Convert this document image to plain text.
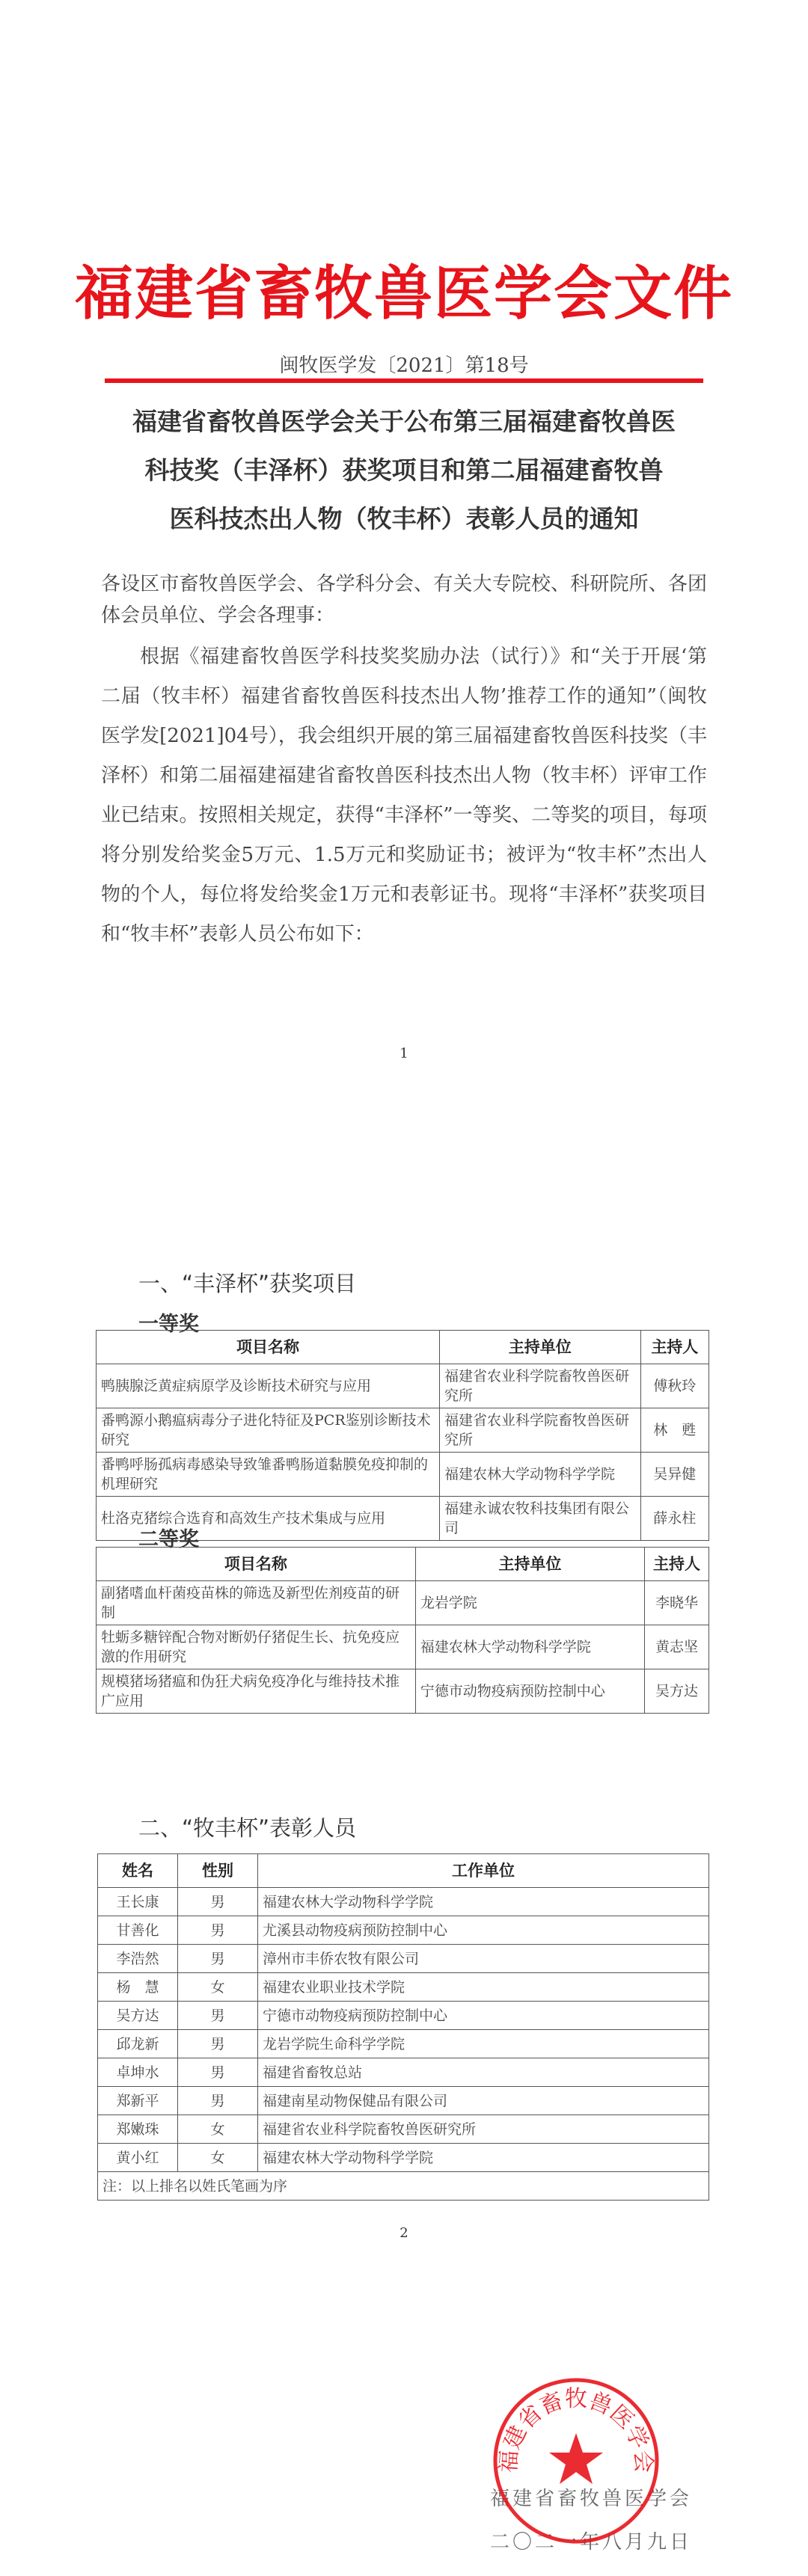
福建省畜牧兽医学会文件
闽牧医学发〔2021〕第18号
福建省畜牧兽医学会关于公布第三届福建畜牧兽医
科技奖（丰泽杯）获奖项目和第二届福建畜牧兽
医科技杰出人物（牧丰杯）表彰人员的通知

各设区市畜牧兽医学会、各学科分会、有关大专院校、科研院所、各团体会员单位、学会各理事：

根据《福建畜牧兽医学科技奖奖励办法（试行）》和“关于开展‘第二届（牧丰杯）福建省畜牧兽医科技杰出人物’推荐工作的通知”（闽牧医学发[2021]04号），我会组织开展的第三届福建畜牧兽医科技奖（丰泽杯）和第二届福建福建省畜牧兽医科技杰出人物（牧丰杯）评审工作业已结束。按照相关规定，获得“丰泽杯”一等奖、二等奖的项目，每项将分别发给奖金5万元、1.5万元和奖励证书；被评为“牧丰杯”杰出人物的个人，每位将发给奖金1万元和表彰证书。现将“丰泽杯”获奖项目和“牧丰杯”表彰人员公布如下：

1
一、“丰泽杯”获奖项目
一等奖
项目名称	主持单位	主持人
鸭胰腺泛黄症病原学及诊断技术研究与应用	福建省农业科学院畜牧兽医研究所	傅秋玲
番鸭源小鹅瘟病毒分子进化特征及PCR鉴别诊断技术研究	福建省农业科学院畜牧兽医研究所	林　甦
番鸭呼肠孤病毒感染导致雏番鸭肠道黏膜免疫抑制的机理研究	福建农林大学动物科学学院	吴异健
杜洛克猪综合选育和高效生产技术集成与应用	福建永诚农牧科技集团有限公司	薛永柱
二等奖
项目名称	主持单位	主持人
副猪嗜血杆菌疫苗株的筛选及新型佐剂疫苗的研制	龙岩学院	李晓华
牡蛎多糖锌配合物对断奶仔猪促生长、抗免疫应激的作用研究	福建农林大学动物科学学院	黄志坚
规模猪场猪瘟和伪狂犬病免疫净化与维持技术推广应用	宁德市动物疫病预防控制中心	吴方达
二、“牧丰杯”表彰人员
姓名	性别	工作单位
王长康	男	福建农林大学动物科学学院
甘善化	男	尤溪县动物疫病预防控制中心
李浩然	男	漳州市丰侨农牧有限公司
杨　慧	女	福建农业职业技术学院
吴方达	男	宁德市动物疫病预防控制中心
邱龙新	男	龙岩学院生命科学学院
卓坤水	男	福建省畜牧总站
郑新平	男	福建南星动物保健品有限公司
郑嫩珠	女	福建省农业科学院畜牧兽医研究所
黄小红	女	福建农林大学动物科学学院
注：以上排名以姓氏笔画为序		
2
福建省畜牧兽医学会
二〇二一年八月九日
福建省畜牧兽医学会
